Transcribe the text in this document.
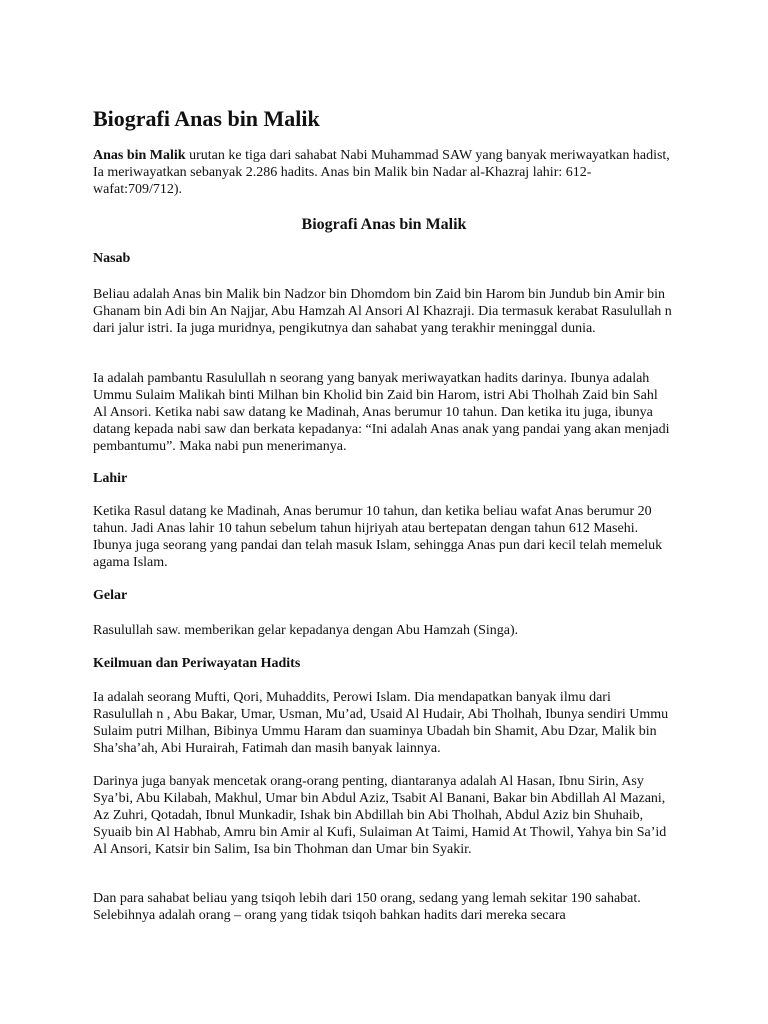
Biografi Anas bin Malik

Anas bin Malik urutan ke tiga dari sahabat Nabi Muhammad SAW yang banyak meriwayatkan hadist, Ia meriwayatkan sebanyak 2.286 hadits. Anas bin Malik bin Nadar al-Khazraj lahir: 612-wafat:709/712).

Biografi Anas bin Malik
Nasab

Beliau adalah Anas bin Malik bin Nadzor bin Dhomdom bin Zaid bin Harom bin Jundub bin Amir bin Ghanam bin Adi bin An Najjar, Abu Hamzah Al Ansori Al Khazraji. Dia termasuk kerabat Rasulullah n dari jalur istri. Ia juga muridnya, pengikutnya dan sahabat yang terakhir meninggal dunia.

Ia adalah pambantu Rasulullah n seorang yang banyak meriwayatkan hadits darinya. Ibunya adalah Ummu Sulaim Malikah binti Milhan bin Kholid bin Zaid bin Harom, istri Abi Tholhah Zaid bin Sahl Al Ansori. Ketika nabi saw datang ke Madinah, Anas berumur 10 tahun. Dan ketika itu juga, ibunya datang kepada nabi saw dan berkata kepadanya: “Ini adalah Anas anak yang pandai yang akan menjadi pembantumu”. Maka nabi pun menerimanya.

Lahir

Ketika Rasul datang ke Madinah, Anas berumur 10 tahun, dan ketika beliau wafat Anas berumur 20 tahun. Jadi Anas lahir 10 tahun sebelum tahun hijriyah atau bertepatan dengan tahun 612 Masehi. Ibunya juga seorang yang pandai dan telah masuk Islam, sehingga Anas pun dari kecil telah memeluk agama Islam.

Gelar

Rasulullah saw. memberikan gelar kepadanya dengan Abu Hamzah (Singa).

Keilmuan dan Periwayatan Hadits

Ia adalah seorang Mufti, Qori, Muhaddits, Perowi Islam. Dia mendapatkan banyak ilmu dari Rasulullah n , Abu Bakar, Umar, Usman, Mu’ad, Usaid Al Hudair, Abi Tholhah, Ibunya sendiri Ummu Sulaim putri Milhan, Bibinya Ummu Haram dan suaminya Ubadah bin Shamit, Abu Dzar, Malik bin Sha’sha’ah, Abi Hurairah, Fatimah dan masih banyak lainnya.

Darinya juga banyak mencetak orang-orang penting, diantaranya adalah Al Hasan, Ibnu Sirin, Asy Sya’bi, Abu Kilabah, Makhul, Umar bin Abdul Aziz, Tsabit Al Banani, Bakar bin Abdillah Al Mazani, Az Zuhri, Qotadah, Ibnul Munkadir, Ishak bin Abdillah bin Abi Tholhah, Abdul Aziz bin Shuhaib, Syuaib bin Al Habhab, Amru bin Amir al Kufi, Sulaiman At Taimi, Hamid At Thowil, Yahya bin Sa’id Al Ansori, Katsir bin Salim, Isa bin Thohman dan Umar bin Syakir.

Dan para sahabat beliau yang tsiqoh lebih dari 150 orang, sedang yang lemah sekitar 190 sahabat. Selebihnya adalah orang – orang yang tidak tsiqoh bahkan hadits dari mereka secara
